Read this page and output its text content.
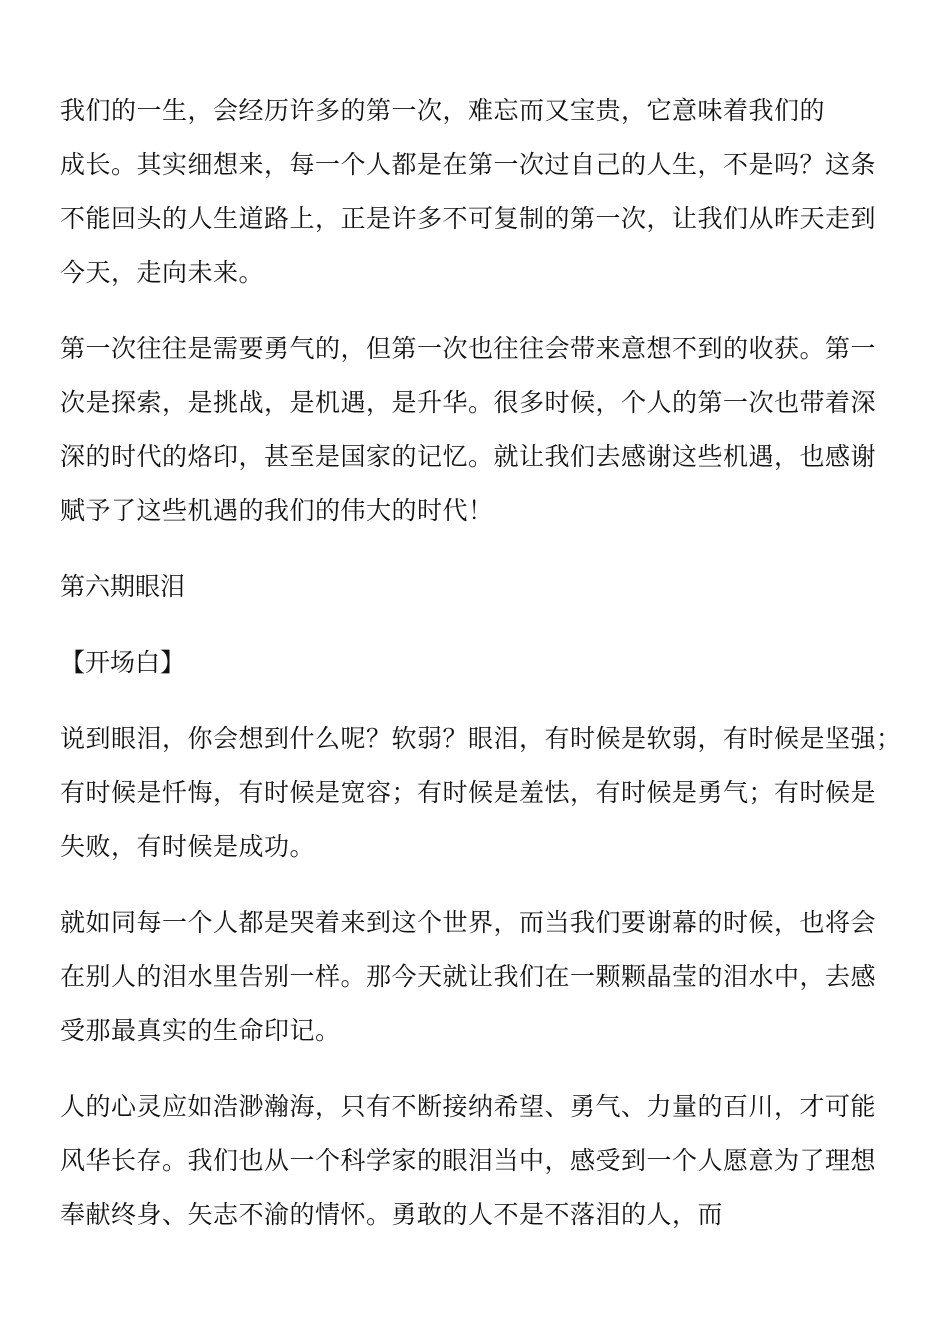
我们的一生，会经历许多的第一次，难忘而又宝贵，它意味着我们的
成长。其实细想来，每一个人都是在第一次过自己的人生，不是吗？这条
不能回头的人生道路上，正是许多不可复制的第一次，让我们从昨天走到
今天，走向未来。

第一次往往是需要勇气的，但第一次也往往会带来意想不到的收获。第一
次是探索，是挑战，是机遇，是升华。很多时候，个人的第一次也带着深
深的时代的烙印，甚至是国家的记忆。就让我们去感谢这些机遇，也感谢
赋予了这些机遇的我们的伟大的时代！

第六期眼泪

【开场白】

说到眼泪，你会想到什么呢？软弱？眼泪，有时候是软弱，有时候是坚强；
有时候是忏悔，有时候是宽容；有时候是羞怯，有时候是勇气；有时候是
失败，有时候是成功。

就如同每一个人都是哭着来到这个世界，而当我们要谢幕的时候，也将会
在别人的泪水里告别一样。那今天就让我们在一颗颗晶莹的泪水中，去感
受那最真实的生命印记。

人的心灵应如浩渺瀚海，只有不断接纳希望、勇气、力量的百川，才可能
风华长存。我们也从一个科学家的眼泪当中，感受到一个人愿意为了理想
奉献终身、矢志不渝的情怀。勇敢的人不是不落泪的人，而
